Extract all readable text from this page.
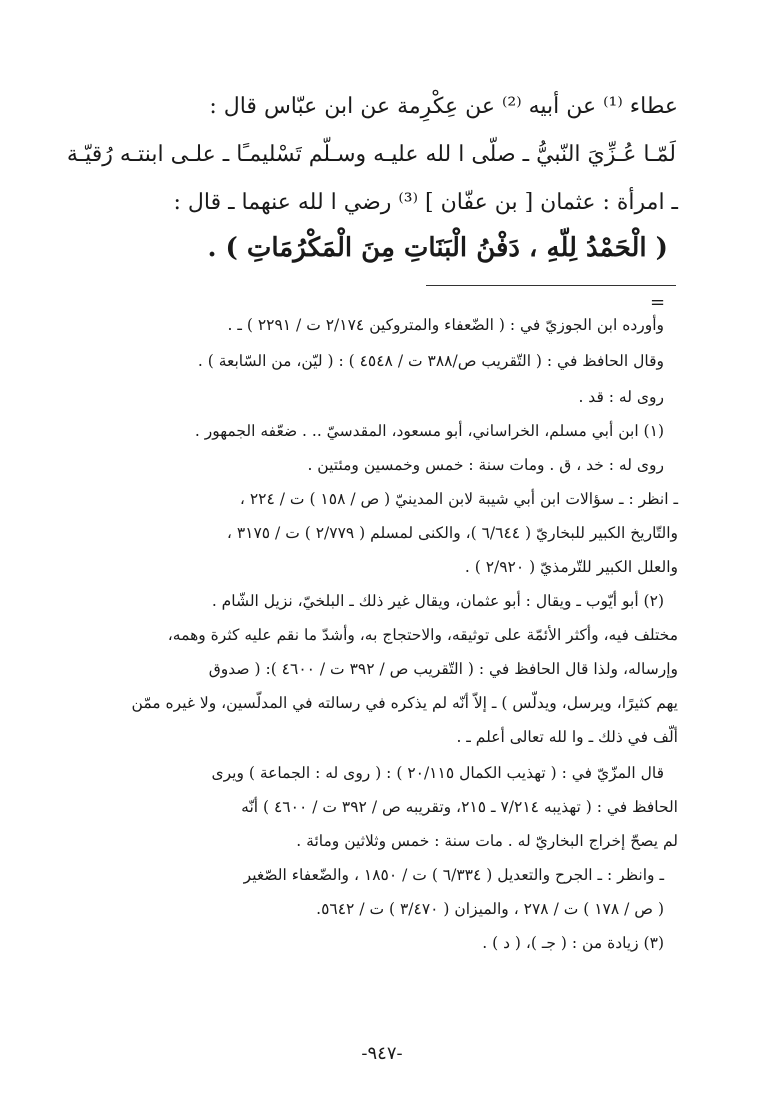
عطاء ⁽¹⁾ عن أبيه ⁽²⁾ عن عِكْرِمة عن ابن عبّاس قال :
لَمّـا عُـزِّيَ النّبيُّ ـ صلّى ا لله عليـه وسـلّم تَسْليمـًا ـ علـى ابنتـه رُقيّـة
ـ امرأة : عثمان [ بن عفّان ] ⁽³⁾ رضي ا لله عنهما ـ قال :
( الْحَمْدُ لِلّهِ ، دَفْنُ الْبَنَاتِ مِنَ الْمَكْرُمَاتِ ) .
=
وأورده ابن الجوزيّ في : ( الضّعفاء والمتروكين ٢/١٧٤ ت / ٢٢٩١ ) ـ .
وقال الحافظ في : ( التّقريب ص/٣٨٨ ت / ٤٥٤٨ ) : ( ليّن، من السّابعة ) .
روى له : قد .
(١) ابن أبي مسلم، الخراساني، أبو مسعود، المقدسيّ .. . ضعّفه الجمهور .
روى له : خد ، ق . ومات سنة : خمس وخمسين ومئتين .
ـ انظر : ـ سؤالات ابن أبي شيبة لابن المدينيّ ( ص / ١٥٨ ) ت / ٢٢٤ ،
والتّاريخ الكبير للبخاريّ ( ٦/٦٤٤ )، والكنى لمسلم ( ٢/٧٧٩ ) ت / ٣١٧٥ ،
والعلل الكبير للتّرمذيّ ( ٢/٩٢٠ ) .
(٢) أبو أيّوب ـ ويقال : أبو عثمان، ويقال غير ذلك ـ البلخيّ، نزيل الشّام .
مختلف فيه، وأكثر الأئمّة على توثيقه، والاحتجاج به، وأشدّ ما نقم عليه كثرة وهمه،
وإرساله، ولذا قال الحافظ في : ( التّقريب ص / ٣٩٢ ت / ٤٦٠٠ ): ( صدوق
يهم كثيرًا، ويرسل، ويدلّس ) ـ إلاّ أنّه لم يذكره في رسالته في المدلّسين، ولا غيره ممّن
ألّف في ذلك ـ وا لله تعالى أعلم ـ .
قال المزّيّ في : ( تهذيب الكمال ٢٠/١١٥ ) : ( روى له : الجماعة ) ويرى
الحافظ في : ( تهذيبه ٧/٢١٤ ـ ٢١٥، وتقريبه ص / ٣٩٢ ت / ٤٦٠٠ ) أنّه
لم يصحّ إخراج البخاريّ له . مات سنة : خمس وثلاثين ومائة .
ـ وانظر : ـ الجرح والتعديل ( ٦/٣٣٤ ) ت / ١٨٥٠ ، والضّعفاء الصّغير
( ص / ١٧٨ ) ت / ٢٧٨ ، والميزان ( ٣/٤٧٠ ) ت / ٥٦٤٢.
(٣) زيادة من : ( جـ )، ( د ) .
-٩٤٧-
